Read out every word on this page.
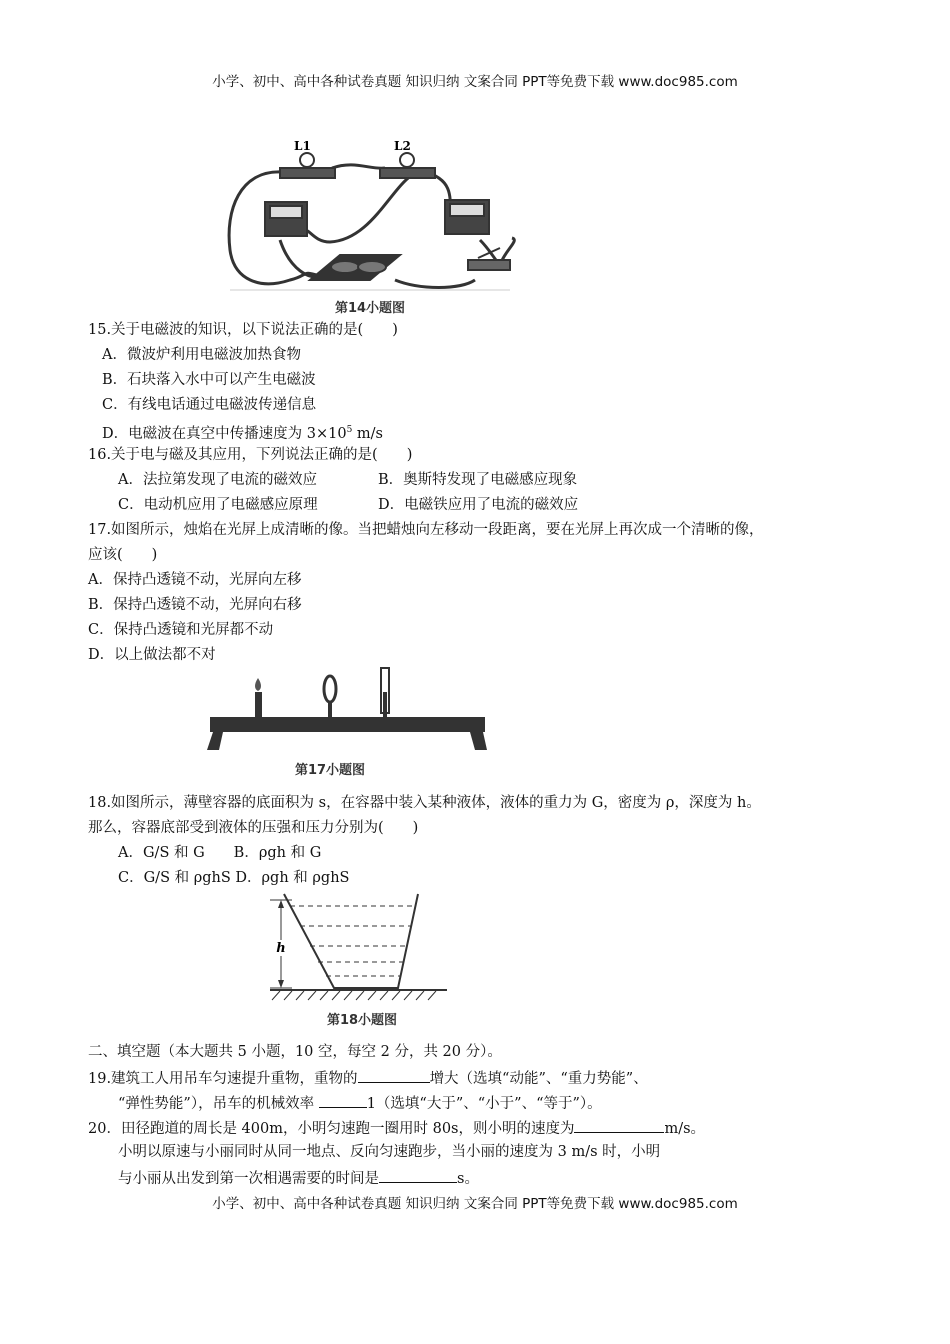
小学、初中、高中各种试卷真题 知识归纳 文案合同 PPT等免费下载 www.doc985.com
L1	L2
第14小题图
15.关于电磁波的知识，以下说法正确的是(　　)
A．微波炉利用电磁波加热食物
B．石块落入水中可以产生电磁波
C．有线电话通过电磁波传递信息
D．电磁波在真空中传播速度为 $3\times 10^5$ m/s
16.关于电与磁及其应用，下列说法正确的是(　　)
A．法拉第发现了电流的磁效应	B．奥斯特发现了电磁感应现象
C．电动机应用了电磁感应原理	D．电磁铁应用了电流的磁效应
17.如图所示，烛焰在光屏上成清晰的像。当把蜡烛向左移动一段距离，要在光屏上再次成一个清晰的像，
应该(　　)
A．保持凸透镜不动，光屏向左移
B．保持凸透镜不动，光屏向右移
C．保持凸透镜和光屏都不动
D．以上做法都不对
第17小题图
18.如图所示，薄壁容器的底面积为 s，在容器中装入某种液体，液体的重力为 G，密度为 ρ，深度为 h。
那么，容器底部受到液体的压强和压力分别为(　　)
A．G/S 和 G　　B．ρgh 和 G
C．G/S 和 ρghS D．ρgh 和 ρghS
h
第18小题图
二、填空题（本大题共 5 小题，10 空，每空 2 分，共 20 分）。
19.建筑工人用吊车匀速提升重物，重物的	增大（选填“动能”、“重力势能”、
“弹性势能”），吊车的机械效率	1（选填“大于”、“小于”、“等于”）。
20．田径跑道的周长是 400m，小明匀速跑一圈用时 80s，则小明的速度为	m/s。
小明以原速与小丽同时从同一地点、反向匀速跑步，当小丽的速度为 3 m/s 时，小明
与小丽从出发到第一次相遇需要的时间是	s。
小学、初中、高中各种试卷真题 知识归纳 文案合同 PPT等免费下载 www.doc985.com
